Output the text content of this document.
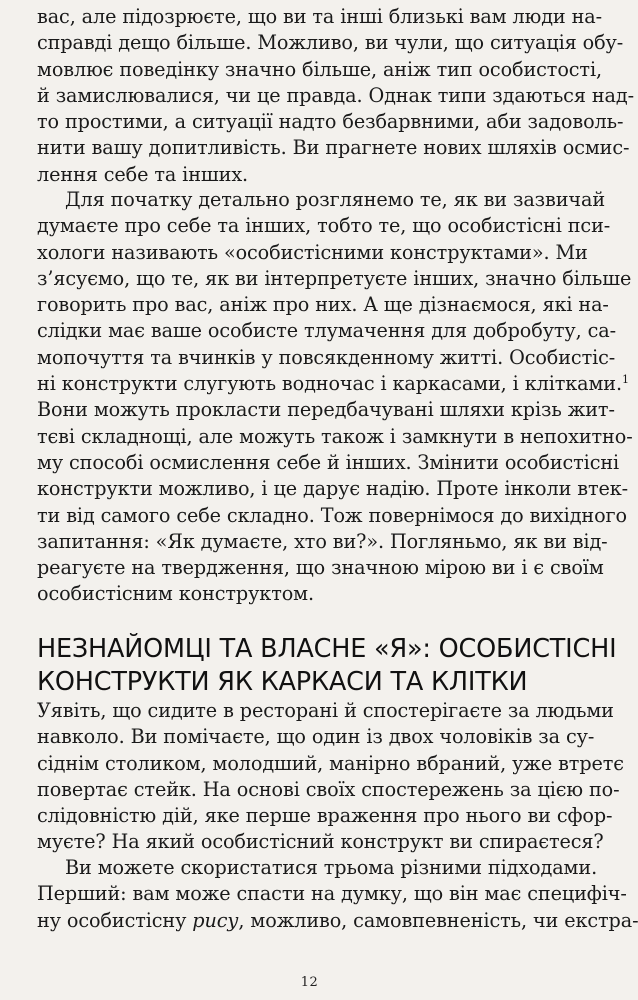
вас, але підозрюєте, що ви та інші близькі вам люди на-
справді дещо більше. Можливо, ви чули, що ситуація обу-
мовлює поведінку значно більше, аніж тип особистості,
й замислювалися, чи це правда. Однак типи здаються над-
то простими, а ситуації надто безбарвними, аби задоволь-
нити вашу допитливість. Ви прагнете нових шляхів осмис-
лення себе та інших.
Для початку детально розглянемо те, як ви зазвичай
думаєте про себе та інших, тобто те, що особистісні пси-
хологи називають «особистісними конструктами». Ми
з’ясуємо, що те, як ви інтерпретуєте інших, значно більше
говорить про вас, аніж про них. А ще дізнаємося, які на-
слідки має ваше особисте тлумачення для добробуту, са-
мопочуття та вчинків у повсякденному житті. Особистіс-
ні конструкти слугують водночас і каркасами, і клітками.$^1$
Вони можуть прокласти передбачувані шляхи крізь жит-
тєві складнощі, але можуть також і замкнути в непохитно-
му способі осмислення себе й інших. Змінити особистісні
конструкти можливо, і це дарує надію. Проте інколи втек-
ти від самого себе складно. Тож повернімося до вихідного
запитання: «Як думаєте, хто ви?». Погляньмо, як ви від-
реагуєте на твердження, що значною мірою ви і є своїм
особистісним конструктом.
НЕЗНАЙОМЦІ ТА ВЛАСНЕ «Я»: ОСОБИСТІСНІ
КОНСТРУКТИ ЯК КАРКАСИ ТА КЛІТКИ
Уявіть, що сидите в ресторані й спостерігаєте за людьми
навколо. Ви помічаєте, що один із двох чоловіків за су-
сіднім столиком, молодший, манірно вбраний, уже втретє
повертає стейк. На основі своїх спостережень за цією по-
слідовністю дій, яке перше враження про нього ви сфор-
муєте? На який особистісний конструкт ви спираєтеся?
Ви можете скористатися трьома різними підходами.
Перший: вам може спасти на думку, що він має специфіч-
ну особистісну рису, можливо, самовпевненість, чи екстра-
12
